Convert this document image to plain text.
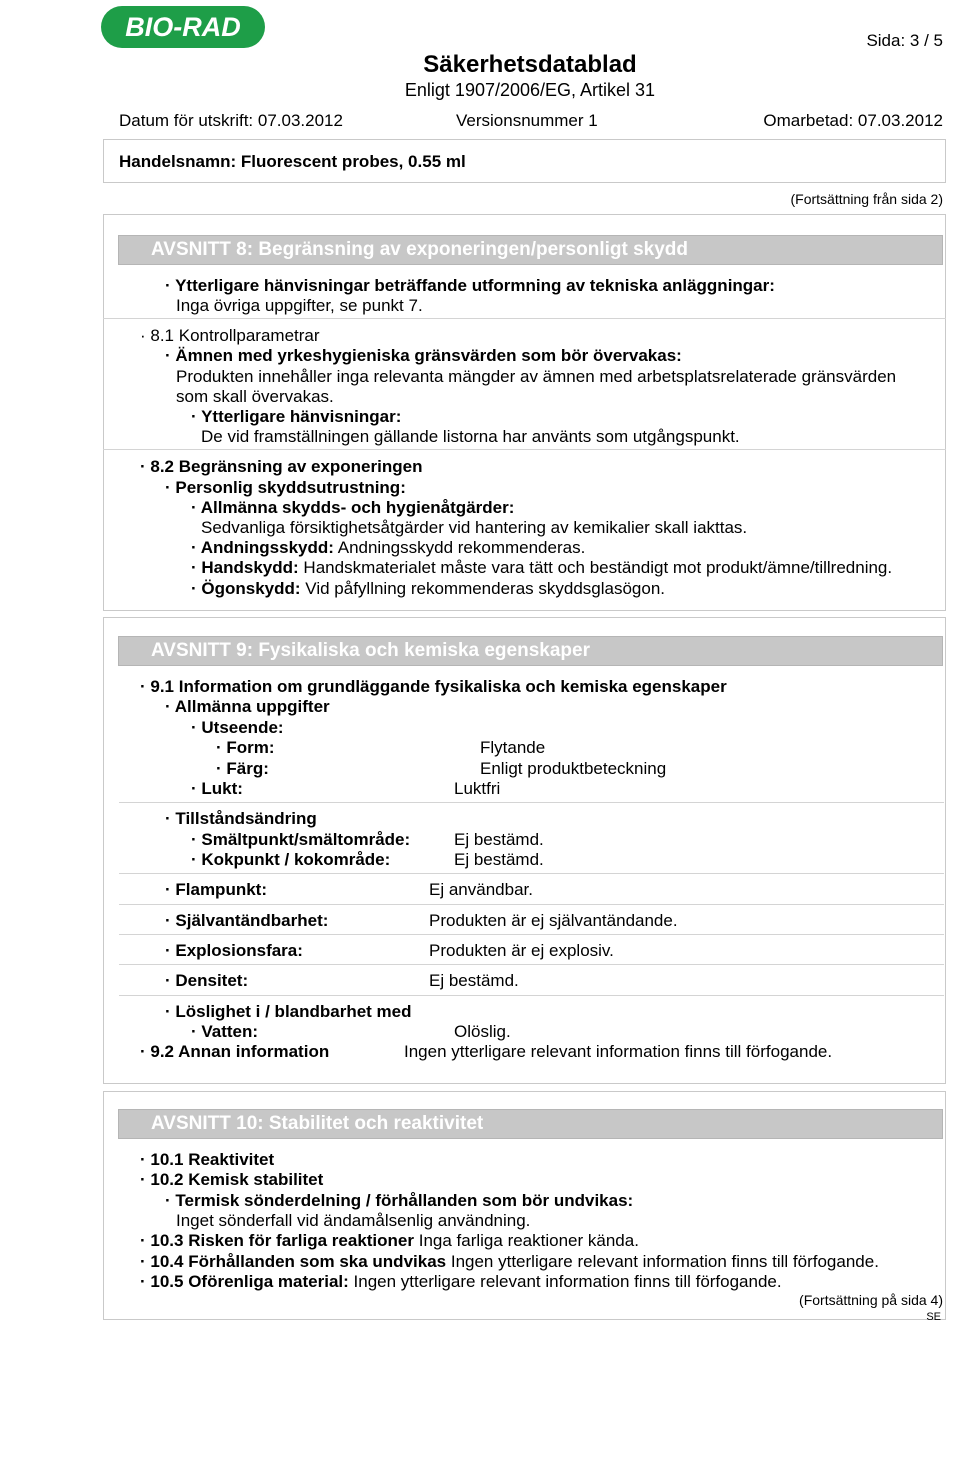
BIO-RAD	Sida: 3 / 5
Säkerhetsdatablad
Enligt 1907/2006/EG, Artikel 31
Datum för utskrift: 07.03.2012	Versionsnummer 1	Omarbetad: 07.03.2012
Handelsnamn: Fluorescent probes, 0.55 ml
(Fortsättning från sida 2)
AVSNITT 8: Begränsning av exponeringen/personligt skydd
· Ytterligare hänvisningar beträffande utformning av tekniska anläggningar:
Inga övriga uppgifter, se punkt 7.
· 8.1 Kontrollparametrar
· Ämnen med yrkeshygieniska gränsvärden som bör övervakas:
Produkten innehåller inga relevanta mängder av ämnen med arbetsplatsrelaterade gränsvärden
som skall övervakas.
· Ytterligare hänvisningar:
De vid framställningen gällande listorna har använts som utgångspunkt.
· 8.2 Begränsning av exponeringen
· Personlig skyddsutrustning:
· Allmänna skydds- och hygienåtgärder:
Sedvanliga försiktighetsåtgärder vid hantering av kemikalier skall iakttas.
· Andningsskydd: Andningsskydd rekommenderas.
· Handskydd: Handskmaterialet måste vara tätt och beständigt mot produkt/ämne/tillredning.
· Ögonskydd: Vid påfyllning rekommenderas skyddsglasögon.
AVSNITT 9: Fysikaliska och kemiska egenskaper
· 9.1 Information om grundläggande fysikaliska och kemiska egenskaper
· Allmänna uppgifter
· Utseende:
· Form:	Flytande
· Färg:	Enligt produktbeteckning
· Lukt:	Luktfri
· Tillståndsändring
· Smältpunkt/smältområde:	Ej bestämd.
· Kokpunkt / kokområde:	Ej bestämd.
· Flampunkt:	Ej användbar.
· Självantändbarhet:	Produkten är ej självantändande.
· Explosionsfara:	Produkten är ej explosiv.
· Densitet:	Ej bestämd.
· Löslighet i / blandbarhet med
· Vatten:	Olöslig.
· 9.2 Annan information	Ingen ytterligare relevant information finns till förfogande.
AVSNITT 10: Stabilitet och reaktivitet
· 10.1 Reaktivitet
· 10.2 Kemisk stabilitet
· Termisk sönderdelning / förhållanden som bör undvikas:
Inget sönderfall vid ändamålsenlig användning.
· 10.3 Risken för farliga reaktioner Inga farliga reaktioner kända.
· 10.4 Förhållanden som ska undvikas Ingen ytterligare relevant information finns till förfogande.
· 10.5 Oförenliga material: Ingen ytterligare relevant information finns till förfogande.
(Fortsättning på sida 4)
SE
